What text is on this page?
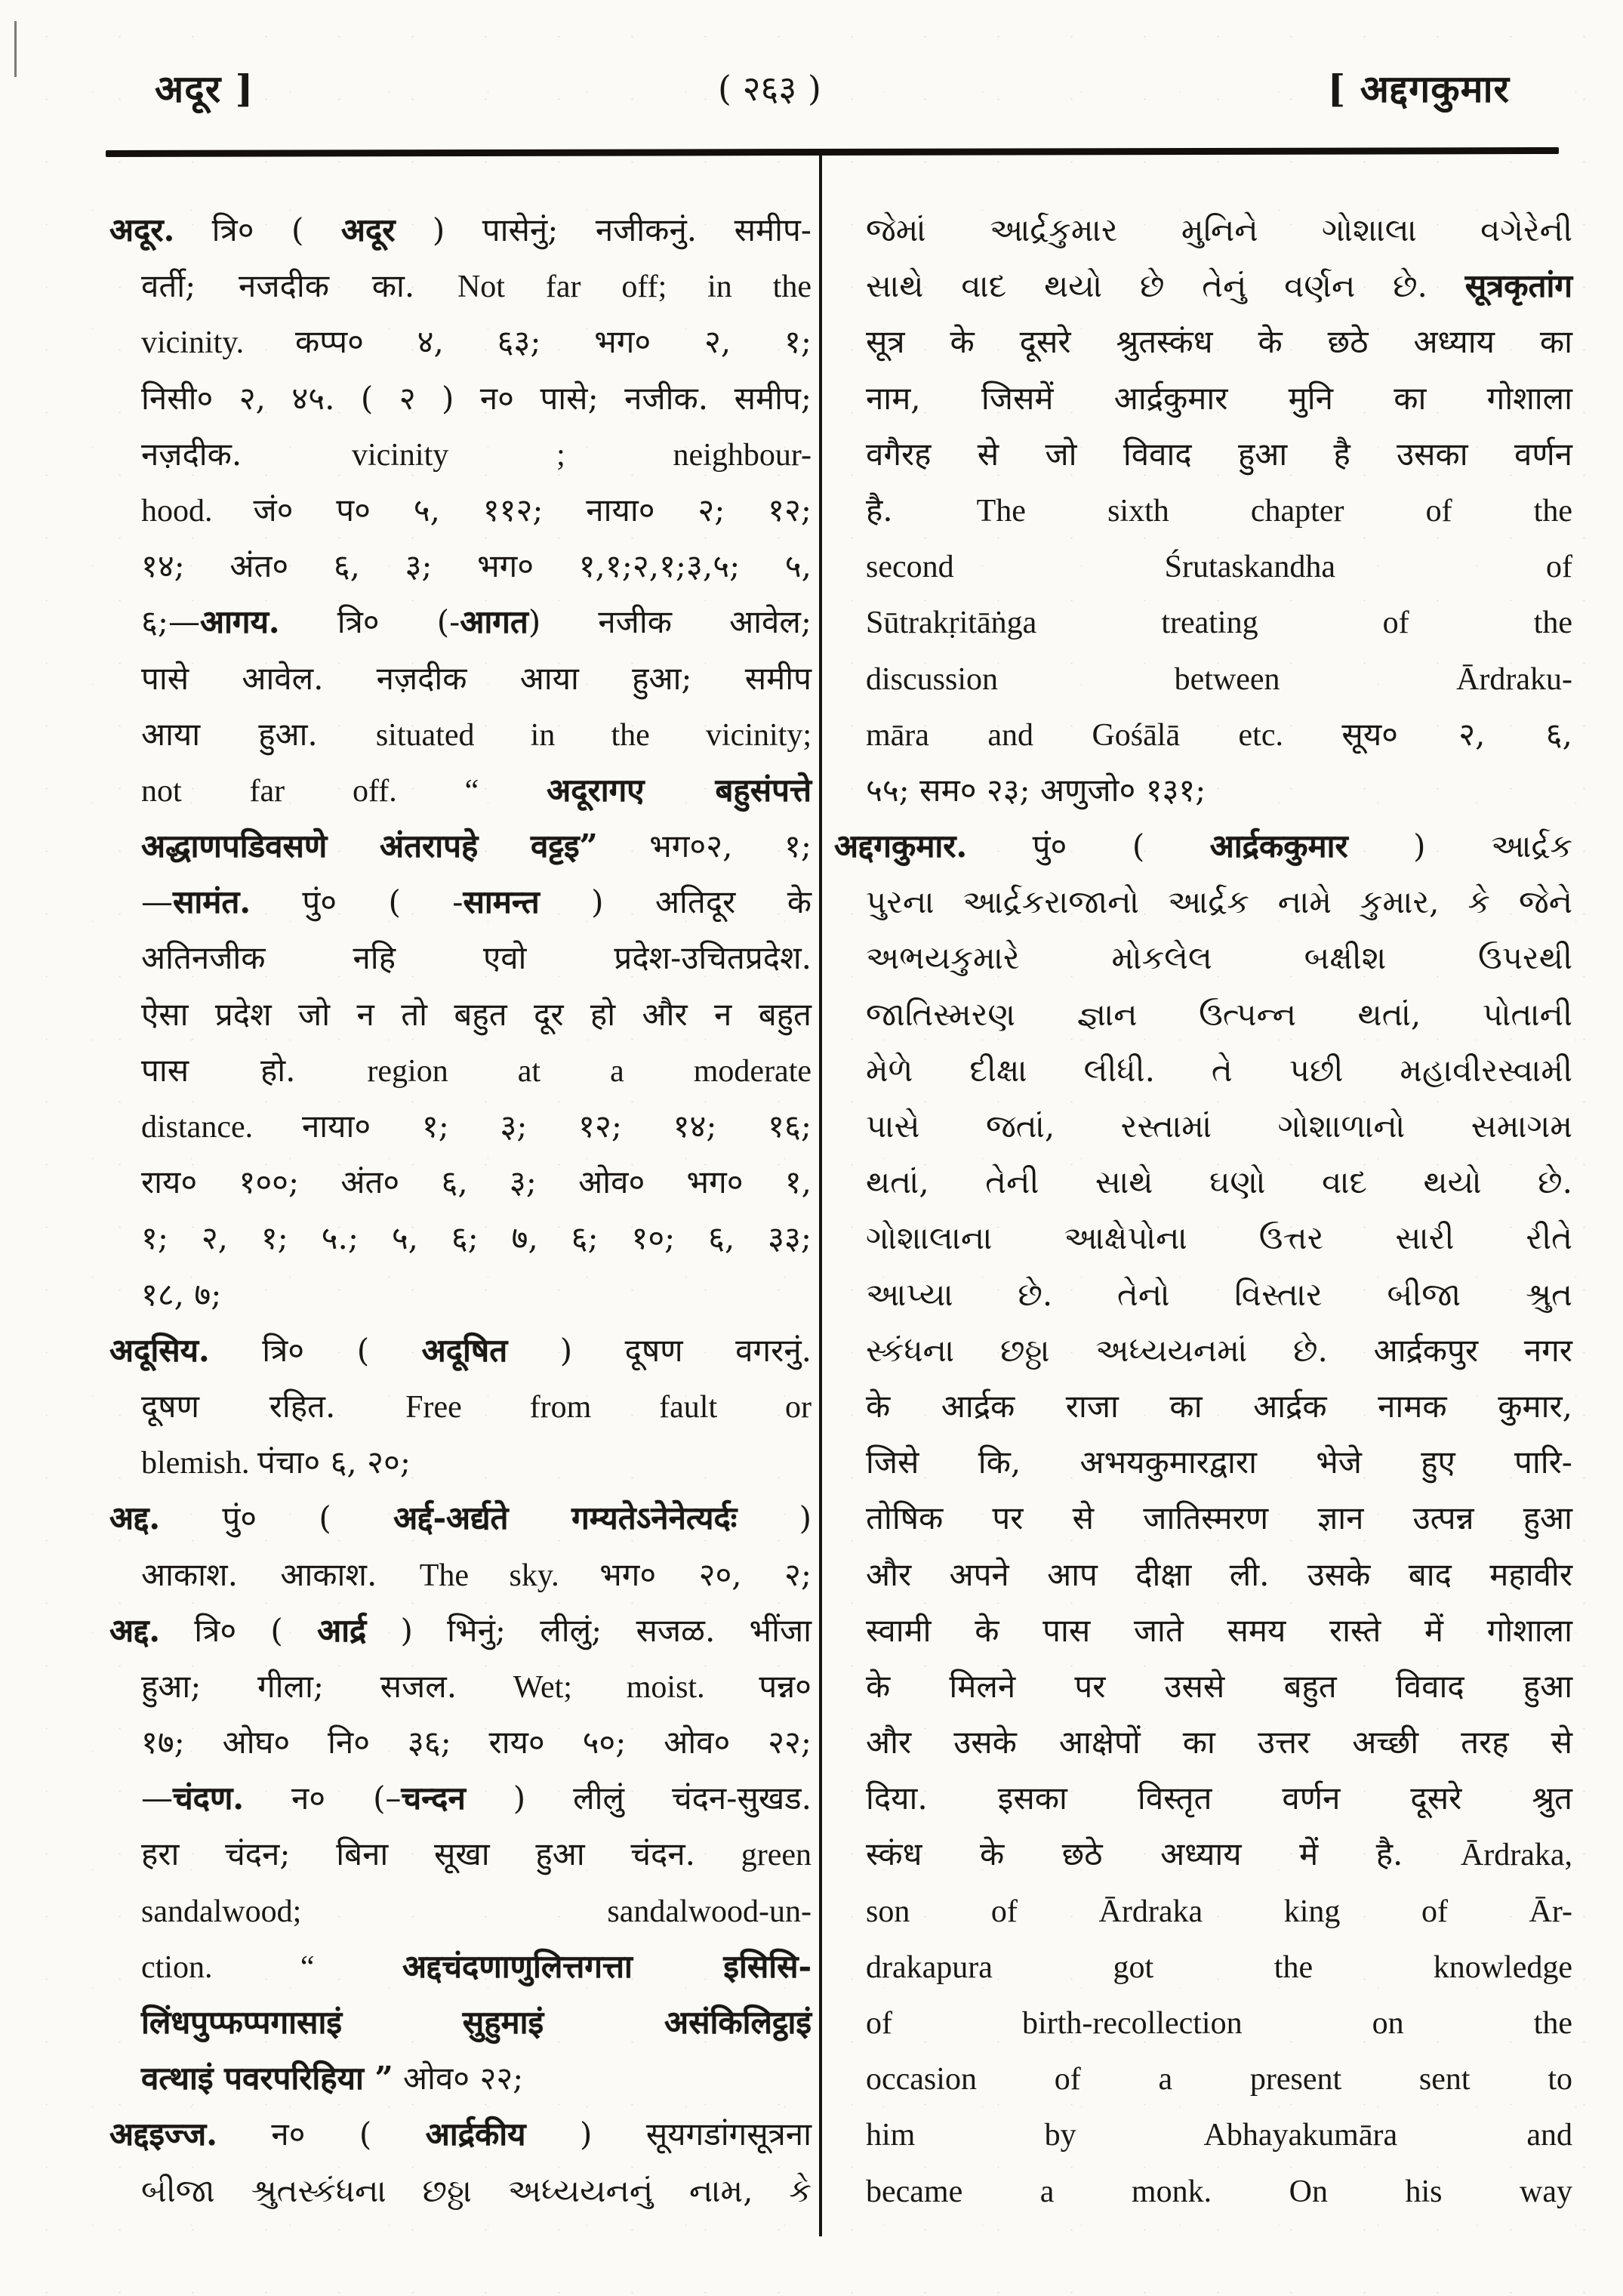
अदूर ]	( २६३ )	[ अद्दगकुमार
अदूर. त्रि० ( अदूर ) पासेनुं; नजीकनुं. समीप-
वर्ती; नजदीक का. Not far off; in the
vicinity. कप्प० ४, ६३; भग० २, १;
निसी० २, ४५. ( २ ) न० पासे; नजीक. समीप;
नज़दीक. vicinity ; neighbour-
hood. जं० प० ५, ११२; नाया० २; १२;
१४; अंत० ६, ३; भग० १,१;२,१;३,५; ५,
६;—आगय. त्रि० (-आगत) नजीक आवेल;
पासे आवेल. नज़दीक आया हुआ; समीप
आया हुआ. situated in the vicinity;
not far off. “ अदूरागए बहुसंपत्ते
अद्धाणपडिवसणे अंतरापहे वट्टइ” भग०२, १;
—सामंत. पुं० ( -सामन्त ) अतिदूर के
अतिनजीक नहि एवो प्रदेश-उचितप्रदेश.
ऐसा प्रदेश जो न तो बहुत दूर हो और न बहुत
पास हो. region at a moderate
distance. नाया० १; ३; १२; १४; १६;
राय० १००; अंत० ६, ३; ओव० भग० १,
१; २, १; ५.; ५, ६; ७, ६; १०; ६, ३३;
१८, ७;
अदूसिय. त्रि० ( अदूषित ) दूषण वगरनुं.
दूषण रहित. Free from fault or
blemish. पंचा० ६, २०;
अद्द. पुं० ( अर्द्द-अर्द्यते गम्यतेऽनेनेत्यर्दः )
आकाश. आकाश. The sky. भग० २०, २;
अद्द. त्रि० ( आर्द्र ) भिनुं; लीलुं; सजळ. भींजा
हुआ; गीला; सजल. Wet; moist. पन्न०
१७; ओघ० नि० ३६; राय० ५०; ओव० २२;
—चंदण. न० (–चन्दन ) लीलुं चंदन-सुखड.
हरा चंदन; बिना सूखा हुआ चंदन. green
sandalwood; sandalwood-un-
ction. “ अद्दचंदणाणुलित्तगत्ता इसिसि-
लिंधपुप्फप्पगासाइं सुहुमाइं असंकिलिट्ठाइं
वत्थाइं पवरपरिहिया ” ओव० २२;
अद्दइज्ज. न० ( आर्द्रकीय ) सूयगडांगसूत्रना
બીજા શ્રુતસ્કંધના છઠ્ઠા અધ્યયનનું નામ, કે
જેમાં આર્દ્રકુમાર મુનિને ગોશાલા વગેરેની
સાથે વાદ થયો છે તેનું વર્ણન છે. सूत्रकृतांग
सूत्र के दूसरे श्रुतस्कंध के छठे अध्याय का
नाम, जिसमें आर्द्रकुमार मुनि का गोशाला
वगैरह से जो विवाद हुआ है उसका वर्णन
है. The sixth chapter of the
second Śrutaskandha of
Sūtrakṛitāṅga treating of the
discussion between Ārdraku-
māra and Gośālā etc. सूय० २, ६,
५५; सम० २३; अणुजो० १३१;
अद्दगकुमार. पुं० ( आर्द्रककुमार ) આર્દ્રક
પુરના આર્દ્રકરાજાનો આર્દ્રક નામે કુમાર, કે જેને
અભયકુમારે મોકલેલ બક્ષીશ ઉપરથી
જાતિસ્મરણ જ્ઞાન ઉત્પન્ન થતાં, પોતાની
મેળે દીક્ષા લીધી. તે પછી મહાવીરસ્વામી
પાસે જતાં, રસ્તામાં ગોશાળાનો સમાગમ
થતાં, તેની સાથે ઘણો વાદ થયો છે.
ગોશાલાના આક્ષેપોના ઉત્તર સારી રીતે
આપ્યા છે. તેનો વિસ્તાર બીજા શ્રુત
સ્કંધના છઠ્ઠા અધ્યયનમાં છે. आर्द्रकपुर नगर
के आर्द्रक राजा का आर्द्रक नामक कुमार,
जिसे कि, अभयकुमारद्वारा भेजे हुए पारि-
तोषिक पर से जातिस्मरण ज्ञान उत्पन्न हुआ
और अपने आप दीक्षा ली. उसके बाद महावीर
स्वामी के पास जाते समय रास्ते में गोशाला
के मिलने पर उससे बहुत विवाद हुआ
और उसके आक्षेपों का उत्तर अच्छी तरह से
दिया. इसका विस्तृत वर्णन दूसरे श्रुत
स्कंध के छठे अध्याय में है. Ārdraka,
son of Ārdraka king of Ār-
drakapura got the knowledge
of birth-recollection on the
occasion of a present sent to
him by Abhayakumāra and
became a monk. On his way
